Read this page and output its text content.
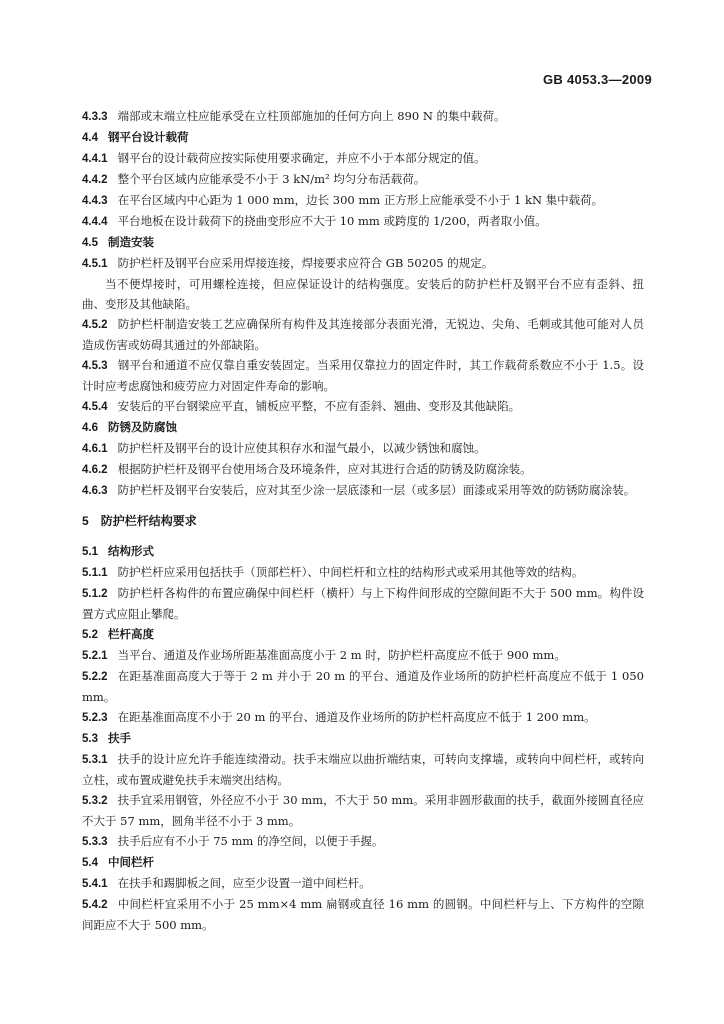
GB 4053.3—2009
4.3.3 端部或末端立柱应能承受在立柱顶部施加的任何方向上 890 N 的集中载荷。
4.4 钢平台设计载荷
4.4.1 钢平台的设计载荷应按实际使用要求确定，并应不小于本部分规定的值。
4.4.2 整个平台区域内应能承受不小于 3 kN/m² 均匀分布活载荷。
4.4.3 在平台区域内中心距为 1 000 mm，边长 300 mm 正方形上应能承受不小于 1 kN 集中载荷。
4.4.4 平台地板在设计载荷下的挠曲变形应不大于 10 mm 或跨度的 1/200，两者取小值。
4.5 制造安装
4.5.1 防护栏杆及钢平台应采用焊接连接，焊接要求应符合 GB 50205 的规定。
当不便焊接时，可用螺栓连接，但应保证设计的结构强度。安装后的防护栏杆及钢平台不应有歪斜、扭曲、变形及其他缺陷。
4.5.2 防护栏杆制造安装工艺应确保所有构件及其连接部分表面光滑，无锐边、尖角、毛刺或其他可能对人员造成伤害或妨碍其通过的外部缺陷。
4.5.3 钢平台和通道不应仅靠自重安装固定。当采用仅靠拉力的固定件时，其工作载荷系数应不小于 1.5。设计时应考虑腐蚀和疲劳应力对固定件寿命的影响。
4.5.4 安装后的平台钢梁应平直，铺板应平整，不应有歪斜、翘曲、变形及其他缺陷。
4.6 防锈及防腐蚀
4.6.1 防护栏杆及钢平台的设计应使其积存水和湿气最小，以减少锈蚀和腐蚀。
4.6.2 根据防护栏杆及钢平台使用场合及环境条件，应对其进行合适的防锈及防腐涂装。
4.6.3 防护栏杆及钢平台安装后，应对其至少涂一层底漆和一层（或多层）面漆或采用等效的防锈防腐涂装。
5 防护栏杆结构要求
5.1 结构形式
5.1.1 防护栏杆应采用包括扶手（顶部栏杆）、中间栏杆和立柱的结构形式或采用其他等效的结构。
5.1.2 防护栏杆各构件的布置应确保中间栏杆（横杆）与上下构件间形成的空隙间距不大于 500 mm。构件设置方式应阻止攀爬。
5.2 栏杆高度
5.2.1 当平台、通道及作业场所距基准面高度小于 2 m 时，防护栏杆高度应不低于 900 mm。
5.2.2 在距基准面高度大于等于 2 m 并小于 20 m 的平台、通道及作业场所的防护栏杆高度应不低于 1 050 mm。
5.2.3 在距基准面高度不小于 20 m 的平台、通道及作业场所的防护栏杆高度应不低于 1 200 mm。
5.3 扶手
5.3.1 扶手的设计应允许手能连续滑动。扶手末端应以曲折端结束，可转向支撑墙，或转向中间栏杆，或转向立柱，或布置成避免扶手末端突出结构。
5.3.2 扶手宜采用钢管，外径应不小于 30 mm，不大于 50 mm。采用非圆形截面的扶手，截面外接圆直径应不大于 57 mm，圆角半径不小于 3 mm。
5.3.3 扶手后应有不小于 75 mm 的净空间，以便于手握。
5.4 中间栏杆
5.4.1 在扶手和踢脚板之间，应至少设置一道中间栏杆。
5.4.2 中间栏杆宜采用不小于 25 mm×4 mm 扁钢或直径 16 mm 的圆钢。中间栏杆与上、下方构件的空隙间距应不大于 500 mm。
